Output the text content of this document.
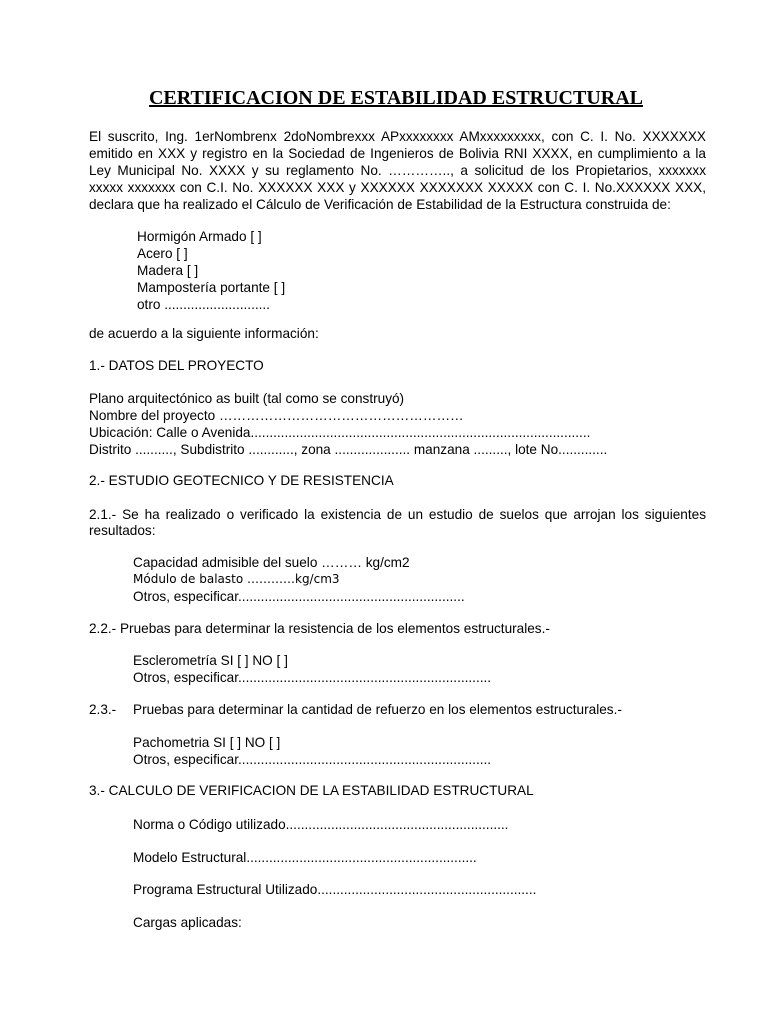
CERTIFICACION DE ESTABILIDAD ESTRUCTURAL
El suscrito, Ing. 1erNombrenx 2doNombrexxx APxxxxxxxx AMxxxxxxxxx, con C. I. No. XXXXXXX
emitido en XXX y registro en la Sociedad de Ingenieros de Bolivia RNI XXXX, en cumplimiento a la
Ley Municipal No. XXXX y su reglamento No. ………….., a solicitud de los Propietarios, xxxxxxx
xxxxx xxxxxxx con C.I. No. XXXXXX XXX y XXXXXX XXXXXXX XXXXX con C. I. No.XXXXXX XXX,
declara que ha realizado el Cálculo de Verificación de Estabilidad de la Estructura construida de:
Hormigón Armado [ ]
Acero [ ]
Madera [ ]
Mampostería portante [ ]
otro ............................
de acuerdo a la siguiente información:
1.- DATOS DEL PROYECTO
Plano arquitectónico as built (tal como se construyó)
Nombre del proyecto ………………………………………………
Ubicación: Calle o Avenida..........................................................................................
Distrito .........., Subdistrito ............, zona .................... manzana ........., lote No.............
2.- ESTUDIO GEOTECNICO Y DE RESISTENCIA
2.1.- Se ha realizado o verificado la existencia de un estudio de suelos que arrojan los siguientes
resultados:
Capacidad admisible del suelo ……… kg/cm2
Módulo de balasto …………kg/cm3
Otros, especificar............................................................
2.2.- Pruebas para determinar la resistencia de los elementos estructurales.-
Esclerometría SI [ ] NO [ ]
Otros, especificar...................................................................
2.3.- Pruebas para determinar la cantidad de refuerzo en los elementos estructurales.-
Pachometria SI [ ] NO [ ]
Otros, especificar...................................................................
3.- CALCULO DE VERIFICACION DE LA ESTABILIDAD ESTRUCTURAL
Norma o Código utilizado...........................................................
Modelo Estructural.............................................................
Programa Estructural Utilizado..........................................................
Cargas aplicadas:
